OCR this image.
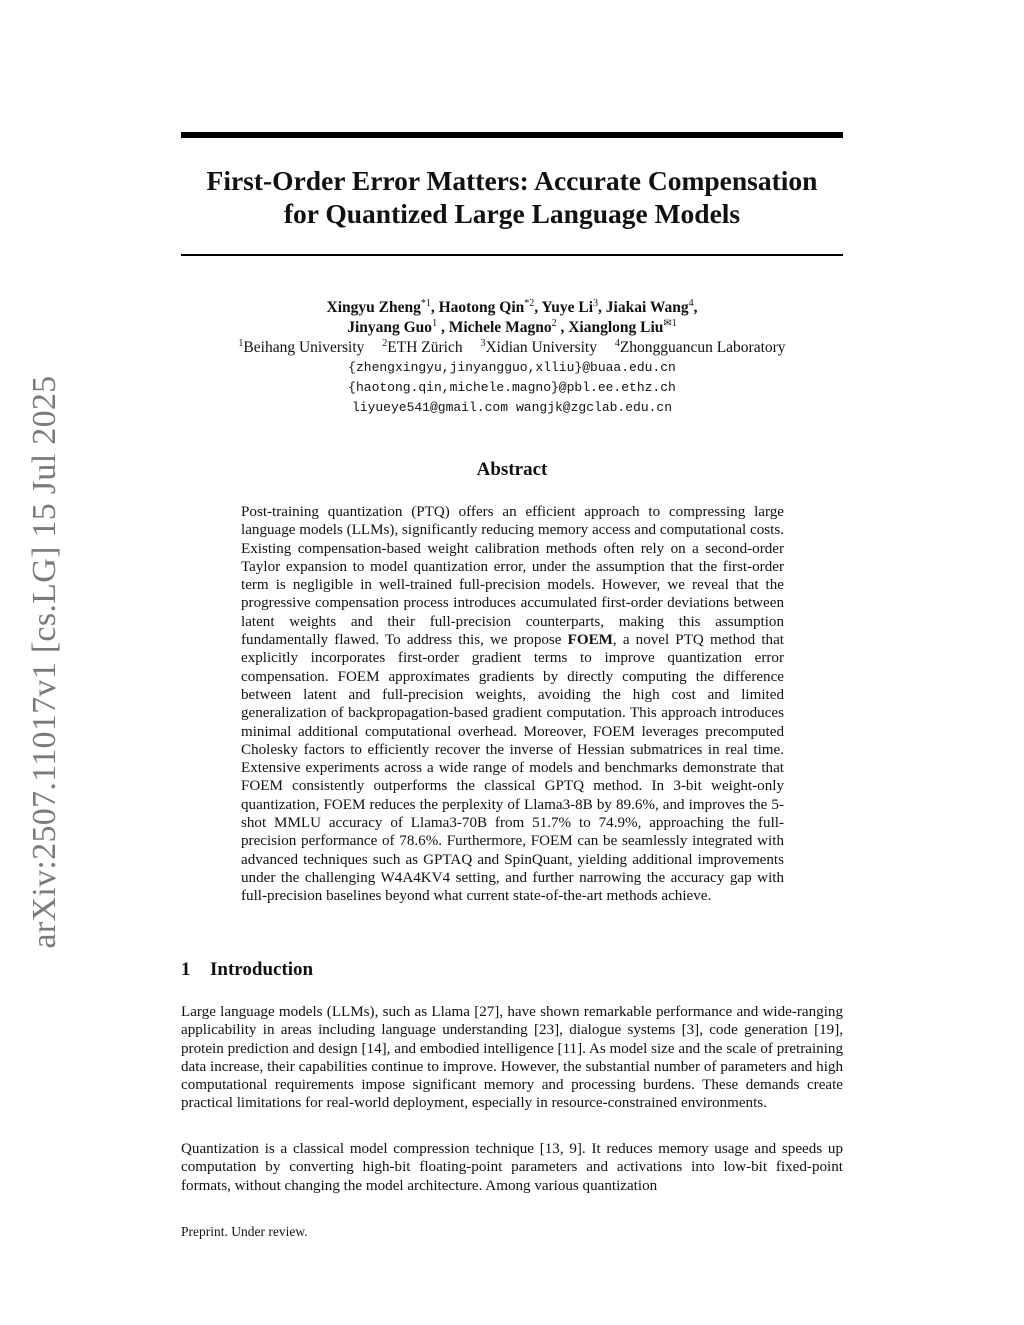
arXiv:2507.11017v1 [cs.LG] 15 Jul 2025
First-Order Error Matters: Accurate Compensation
for Quantized Large Language Models
Xingyu Zheng$^{*1}$, Haotong Qin$^{*2}$, Yuye Li$^3$, Jiakai Wang$^4$,
Jinyang Guo$^1$ , Michele Magno$^2$ , Xianglong Liu$^{✉1}$
$^1$Beihang University $^2$ETH Zürich $^3$Xidian University $^4$Zhongguancun Laboratory
{zhengxingyu,jinyangguo,xlliu}@buaa.edu.cn
{haotong.qin,michele.magno}@pbl.ee.ethz.ch
liyueye541@gmail.com wangjk@zgclab.edu.cn
Abstract

Post-training quantization (PTQ) offers an efficient approach to compressing large language models (LLMs), significantly reducing memory access and computational costs. Existing compensation-based weight calibration methods often rely on a second-order Taylor expansion to model quantization error, under the assumption that the first-order term is negligible in well-trained full-precision models. However, we reveal that the progressive compensation process introduces accumulated first-order deviations between latent weights and their full-precision counterparts, making this assumption fundamentally flawed. To address this, we propose FOEM, a novel PTQ method that explicitly incorporates first-order gradient terms to improve quantization error compensation. FOEM approximates gradients by directly computing the difference between latent and full-precision weights, avoiding the high cost and limited generalization of backpropagation-based gradient computation. This approach introduces minimal additional computational overhead. Moreover, FOEM leverages precomputed Cholesky factors to efficiently recover the inverse of Hessian submatrices in real time. Extensive experiments across a wide range of models and benchmarks demonstrate that FOEM consistently outperforms the classical GPTQ method. In 3-bit weight-only quantization, FOEM reduces the perplexity of Llama3-8B by 89.6%, and improves the 5-shot MMLU accuracy of Llama3-70B from 51.7% to 74.9%, approaching the full-precision performance of 78.6%. Furthermore, FOEM can be seamlessly integrated with advanced techniques such as GPTAQ and SpinQuant, yielding additional improvements under the challenging W4A4KV4 setting, and further narrowing the accuracy gap with full-precision baselines beyond what current state-of-the-art methods achieve.

1 Introduction

Large language models (LLMs), such as Llama [27], have shown remarkable performance and wide-ranging applicability in areas including language understanding [23], dialogue systems [3], code generation [19], protein prediction and design [14], and embodied intelligence [11]. As model size and the scale of pretraining data increase, their capabilities continue to improve. However, the substantial number of parameters and high computational requirements impose significant memory and processing burdens. These demands create practical limitations for real-world deployment, especially in resource-constrained environments.

Quantization is a classical model compression technique [13, 9]. It reduces memory usage and speeds up computation by converting high-bit floating-point parameters and activations into low-bit fixed-point formats, without changing the model architecture. Among various quantization

Preprint. Under review.
